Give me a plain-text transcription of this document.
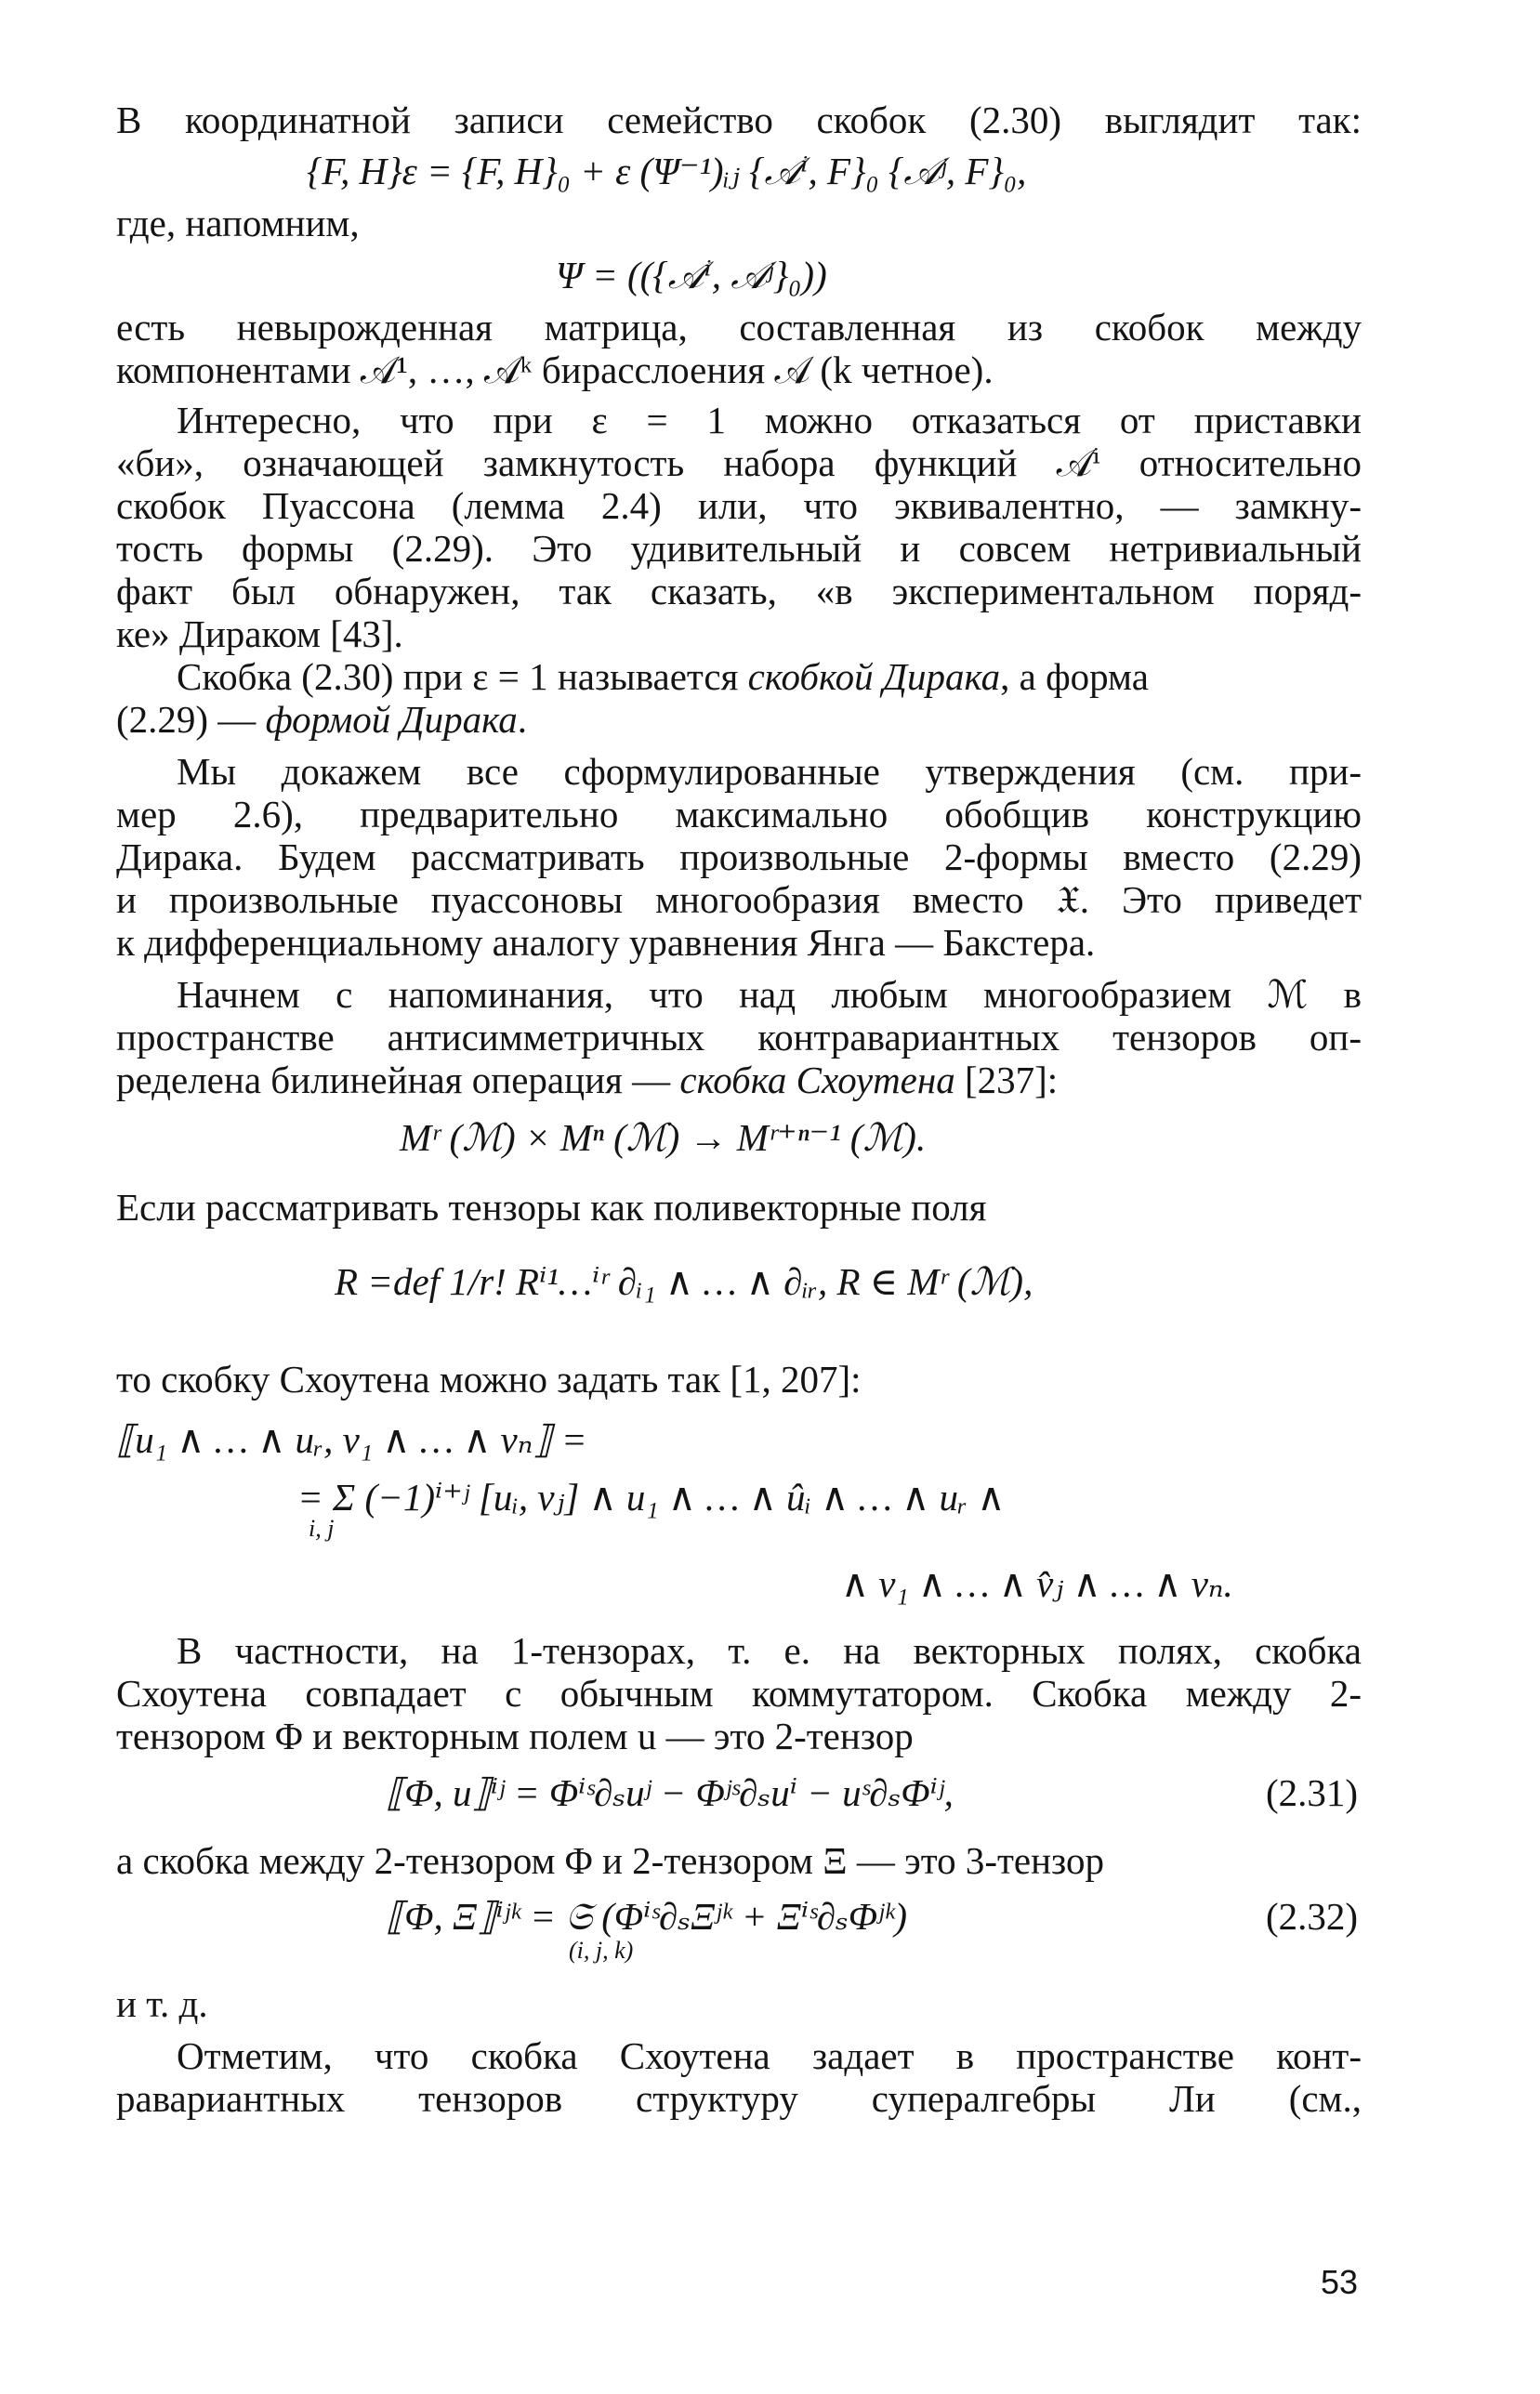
В координатной записи семейство скобок (2.30) выглядит так:
{F, H}ε = {F, H}₀ + ε (Ψ⁻¹)ᵢⱼ {𝒜ⁱ, F}₀ {𝒜ʲ, F}₀,
где, напомним,
Ψ = (({𝒜ⁱ, 𝒜ʲ}₀))
есть невырожденная матрица, составленная из скобок между
компонентами 𝒜¹, …, 𝒜ᵏ бирасслоения 𝒜 (k четное).
Интересно, что при ε = 1 можно отказаться от приставки
«би», означающей замкнутость набора функций 𝒜ⁱ относительно
скобок Пуассона (лемма 2.4) или, что эквивалентно, — замкну-
тость формы (2.29). Это удивительный и совсем нетривиальный
факт был обнаружен, так сказать, «в экспериментальном поряд-
ке» Дираком [43].
Скобка (2.30) при ε = 1 называется скобкой Дирака, а форма
(2.29) — формой Дирака.
Мы докажем все сформулированные утверждения (см. при-
мер 2.6), предварительно максимально обобщив конструкцию
Дирака. Будем рассматривать произвольные 2-формы вместо (2.29)
и произвольные пуассоновы многообразия вместо 𝔛. Это приведет
к дифференциальному аналогу уравнения Янга — Бакстера.
Начнем с напоминания, что над любым многообразием ℳ в
пространстве антисимметричных контравариантных тензоров оп-
ределена билинейная операция — скобка Схоутена [237]:
Mʳ (ℳ) × Mⁿ (ℳ) → Mʳ⁺ⁿ⁻¹ (ℳ).
Если рассматривать тензоры как поливекторные поля
R =def 1/r! Rⁱ¹…ⁱʳ ∂ᵢ₁ ∧ … ∧ ∂ᵢᵣ, R ∈ Mʳ (ℳ),
то скобку Схоутена можно задать так [1, 207]:
⟦u₁ ∧ … ∧ uᵣ, v₁ ∧ … ∧ vₙ⟧ =
= Σ (−1)ⁱ⁺ʲ [uᵢ, vⱼ] ∧ u₁ ∧ … ∧ ûᵢ ∧ … ∧ uᵣ ∧
i, j
∧ v₁ ∧ … ∧ v̂ⱼ ∧ … ∧ vₙ.
В частности, на 1-тензорах, т. е. на векторных полях, скобка
Схоутена совпадает с обычным коммутатором. Скобка между 2-
тензором Φ и векторным полем u — это 2-тензор
⟦Φ, u⟧ⁱʲ = Φⁱˢ∂ₛuʲ − Φʲˢ∂ₛuⁱ − uˢ∂ₛΦⁱʲ,	(2.31)
а скобка между 2-тензором Φ и 2-тензором Ξ — это 3-тензор
⟦Φ, Ξ⟧ⁱʲᵏ = 𝔖 (Φⁱˢ∂ₛΞʲᵏ + Ξⁱˢ∂ₛΦʲᵏ)
(i, j, k)
(2.32)
и т. д.
Отметим, что скобка Схоутена задает в пространстве конт-
равариантных тензоров структуру супералгебры Ли (см.,
53
